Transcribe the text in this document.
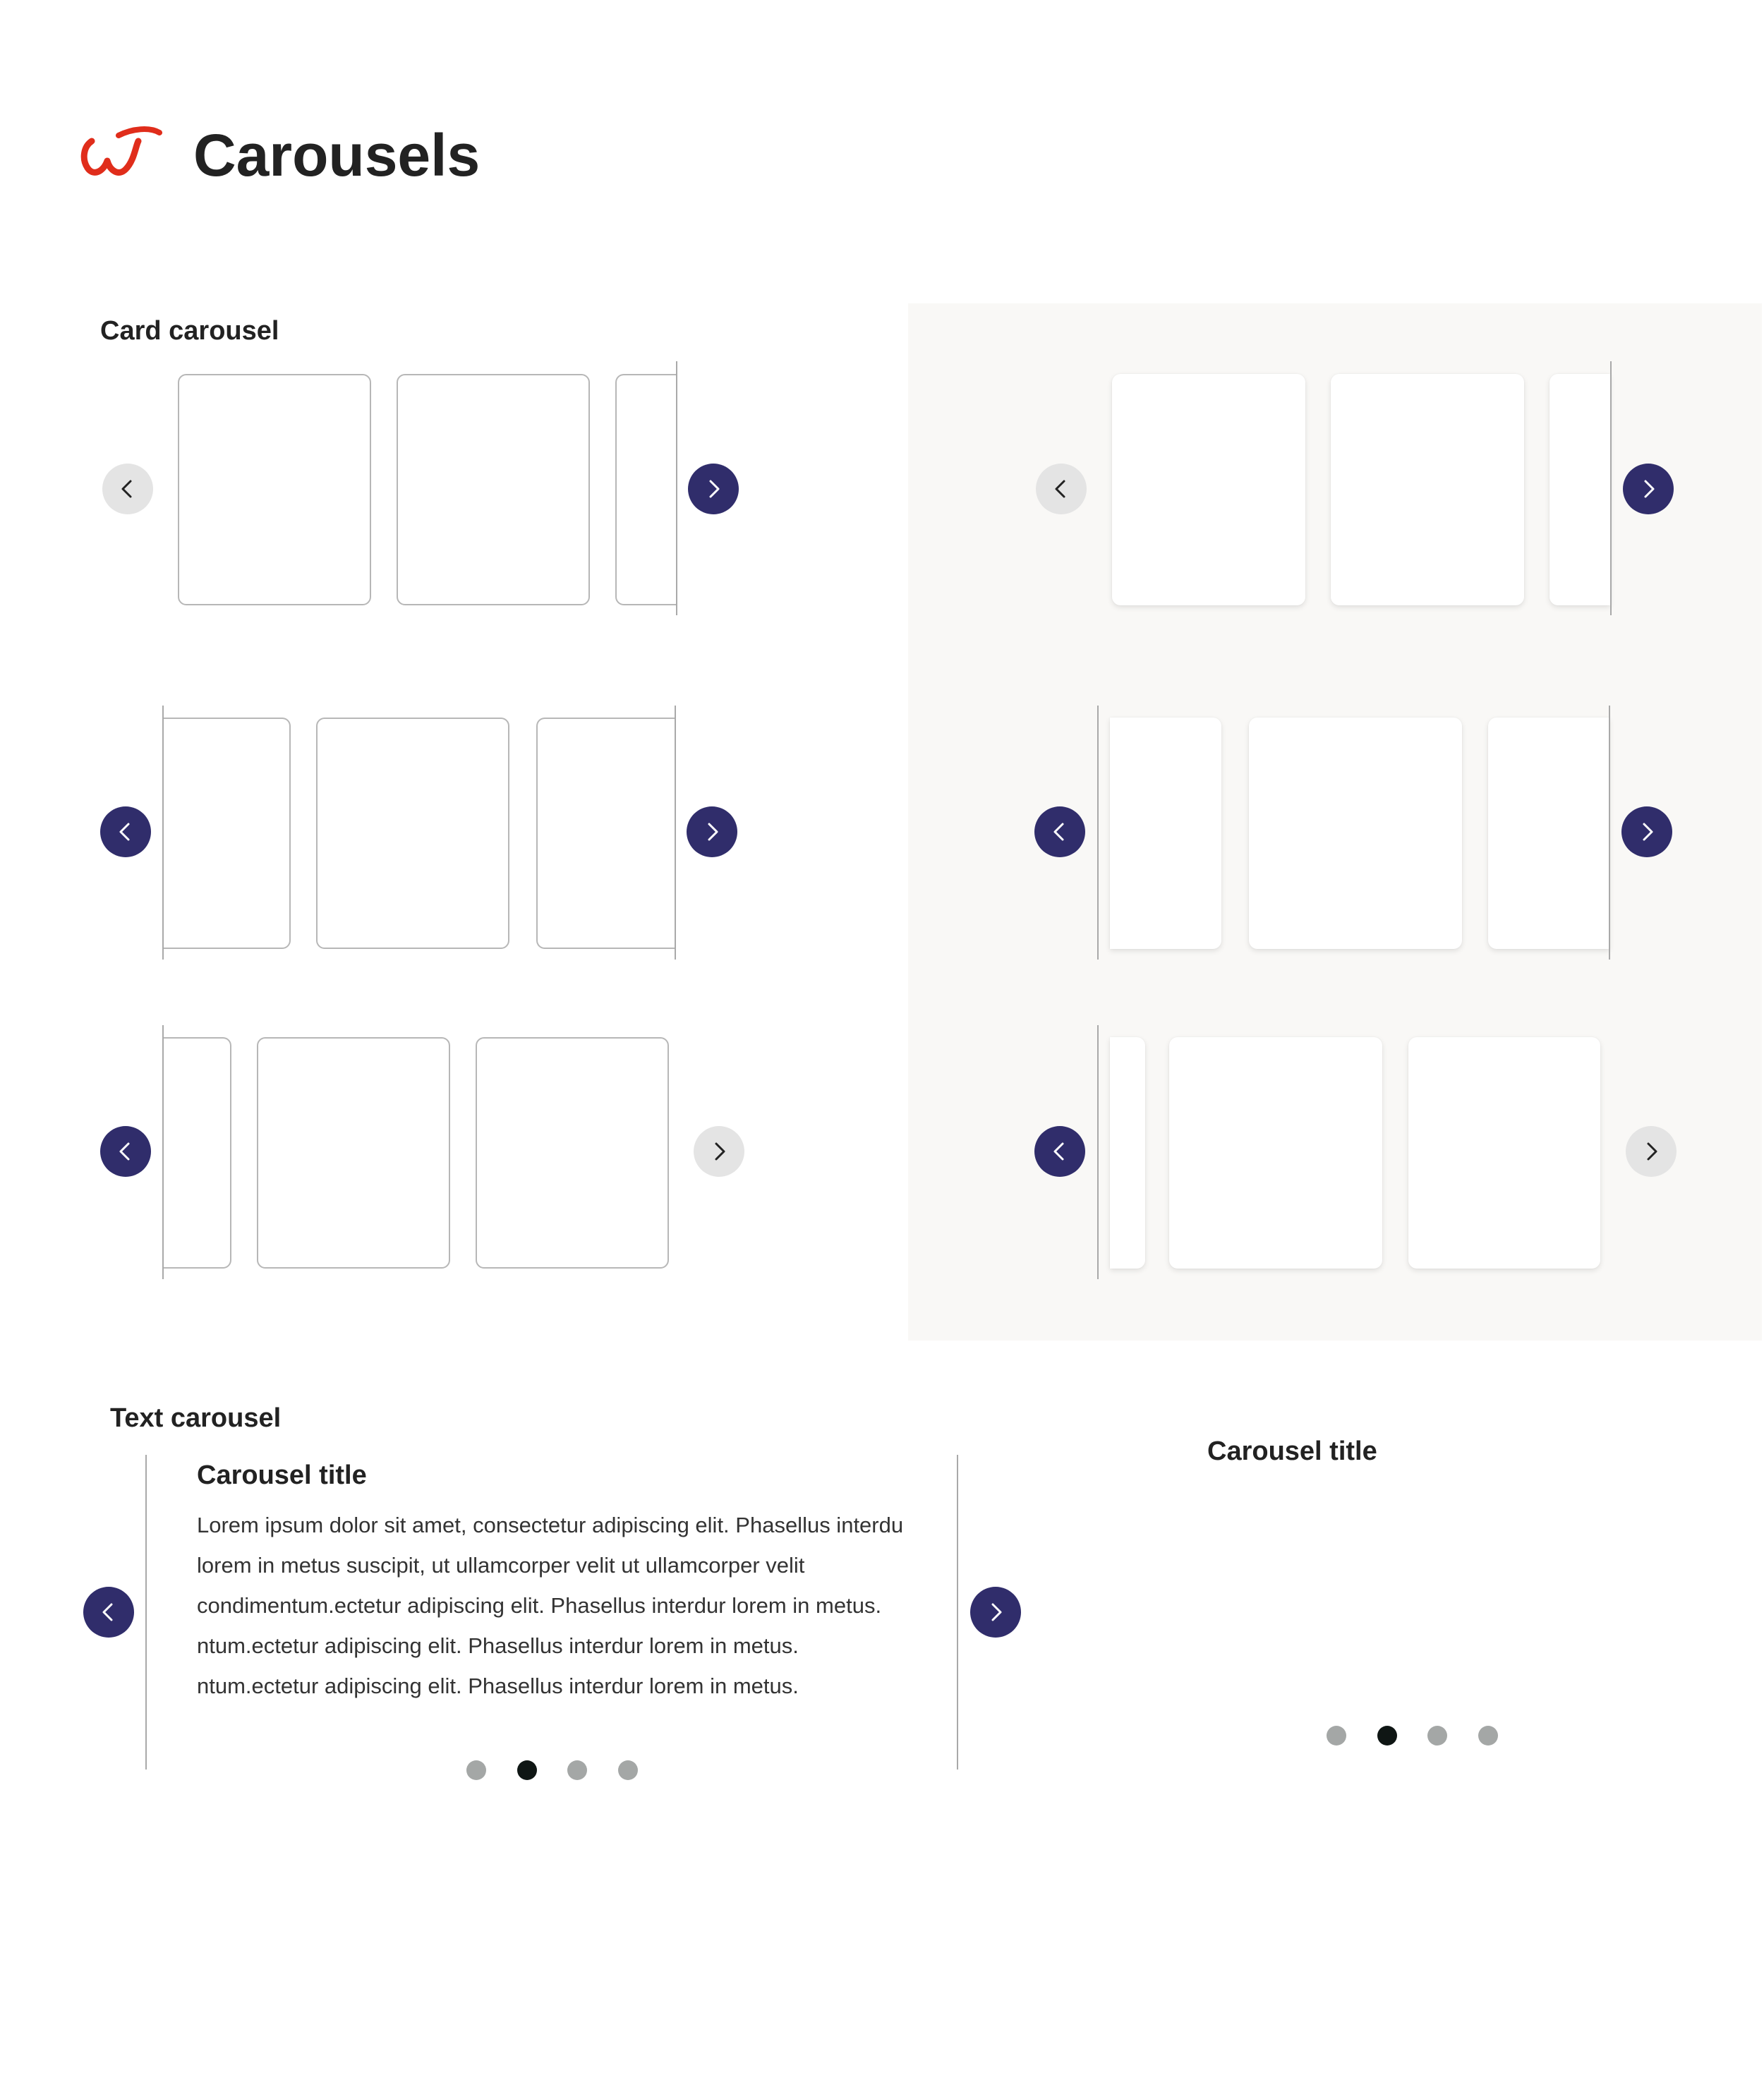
Carousels
Card carousel
Text carousel
Carousel title
Lorem ipsum dolor sit amet, consectetur adipiscing elit. Phasellus interdu
lorem in metus suscipit, ut ullamcorper velit ut ullamcorper velit
condimentum.ectetur adipiscing elit. Phasellus interdur lorem in metus.
ntum.ectetur adipiscing elit. Phasellus interdur lorem in metus.
ntum.ectetur adipiscing elit. Phasellus interdur lorem in metus.
Carousel title
